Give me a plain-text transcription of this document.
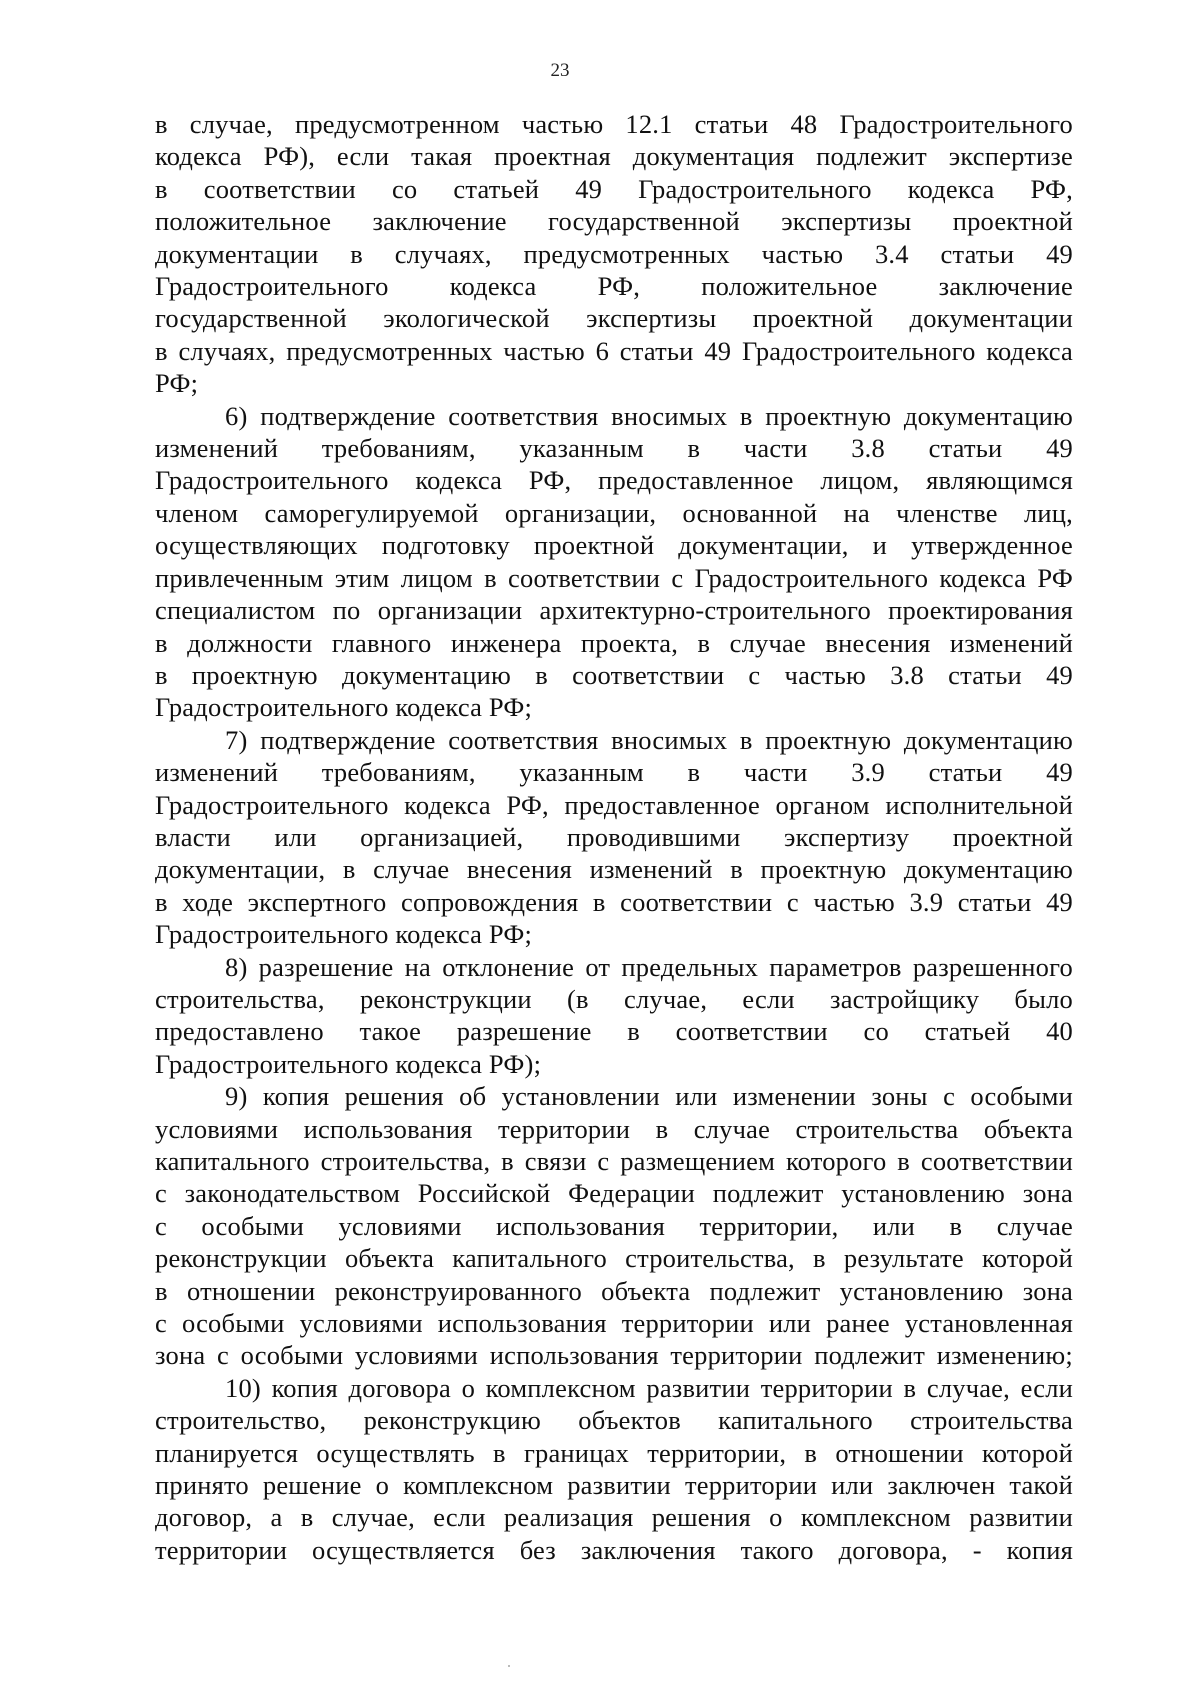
23
в случае, предусмотренном частью 12.1 статьи 48 Градостроительного
кодекса РФ), если такая проектная документация подлежит экспертизе
в соответствии со статьей 49 Градостроительного кодекса РФ,
положительное заключение государственной экспертизы проектной
документации в случаях, предусмотренных частью 3.4 статьи 49
Градостроительного кодекса РФ, положительное заключение
государственной экологической экспертизы проектной документации
в случаях, предусмотренных частью 6 статьи 49 Градостроительного кодекса
РФ;
6) подтверждение соответствия вносимых в проектную документацию
изменений требованиям, указанным в части 3.8 статьи 49
Градостроительного кодекса РФ, предоставленное лицом, являющимся
членом саморегулируемой организации, основанной на членстве лиц,
осуществляющих подготовку проектной документации, и утвержденное
привлеченным этим лицом в соответствии с Градостроительного кодекса РФ
специалистом по организации архитектурно-строительного проектирования
в должности главного инженера проекта, в случае внесения изменений
в проектную документацию в соответствии с частью 3.8 статьи 49
Градостроительного кодекса РФ;
7) подтверждение соответствия вносимых в проектную документацию
изменений требованиям, указанным в части 3.9 статьи 49
Градостроительного кодекса РФ, предоставленное органом исполнительной
власти или организацией, проводившими экспертизу проектной
документации, в случае внесения изменений в проектную документацию
в ходе экспертного сопровождения в соответствии с частью 3.9 статьи 49
Градостроительного кодекса РФ;
8) разрешение на отклонение от предельных параметров разрешенного
строительства, реконструкции (в случае, если застройщику было
предоставлено такое разрешение в соответствии со статьей 40
Градостроительного кодекса РФ);
9) копия решения об установлении или изменении зоны с особыми
условиями использования территории в случае строительства объекта
капитального строительства, в связи с размещением которого в соответствии
с законодательством Российской Федерации подлежит установлению зона
с особыми условиями использования территории, или в случае
реконструкции объекта капитального строительства, в результате которой
в отношении реконструированного объекта подлежит установлению зона
с особыми условиями использования территории или ранее установленная
зона с особыми условиями использования территории подлежит изменению;
10) копия договора о комплексном развитии территории в случае, если
строительство, реконструкцию объектов капитального строительства
планируется осуществлять в границах территории, в отношении которой
принято решение о комплексном развитии территории или заключен такой
договор, а в случае, если реализация решения о комплексном развитии
территории осуществляется без заключения такого договора, - копия
